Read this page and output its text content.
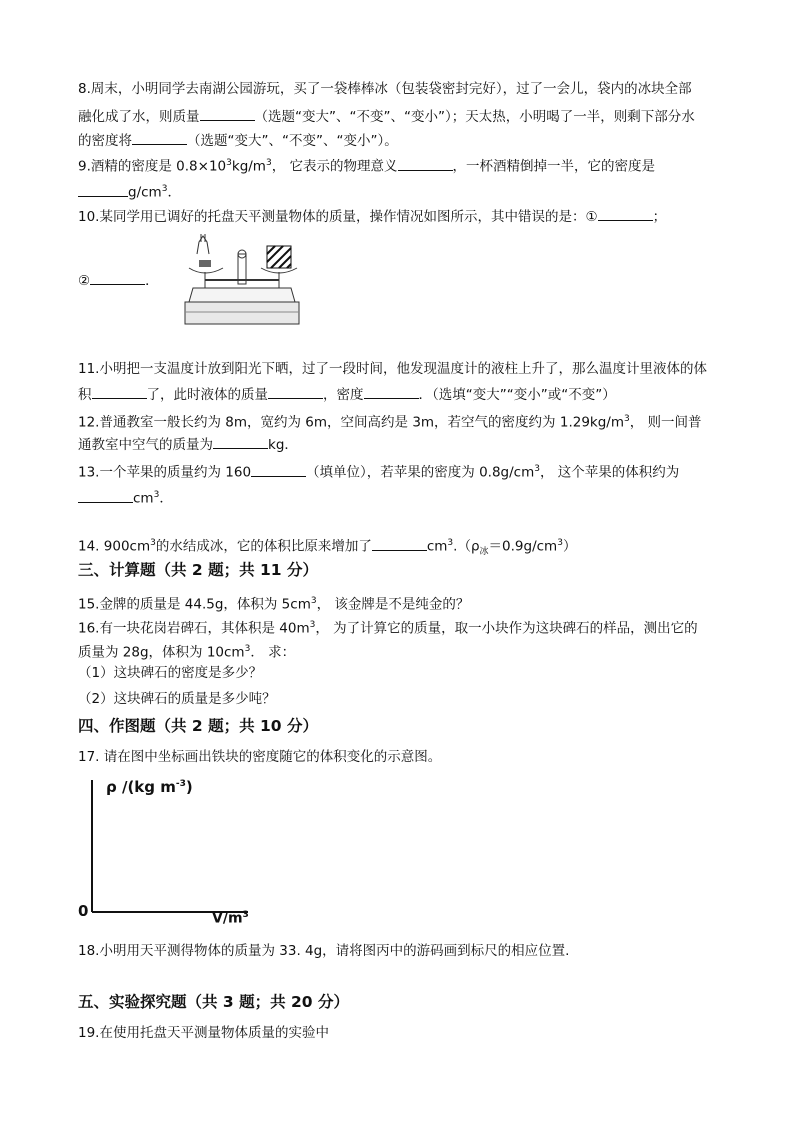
8.周末，小明同学去南湖公园游玩，买了一袋棒棒冰（包装袋密封完好），过了一会儿，袋内的冰块全部
融化成了水，则质量	（选题“变大”、“不变”、“变小”）；天太热，小明喝了一半，则剩下部分水
的密度将	（选题“变大”、“不变”、“变小”）。
9.酒精的密度是 $0.8\times 10^3kg/m^3$， 它表示的物理意义	，一杯酒精倒掉一半，它的密度是
$g/cm^3$．
10.某同学用已调好的托盘天平测量物体的质量，操作情况如图所示，其中错误的是：①	；
②	．
11.小明把一支温度计放到阳光下晒，过了一段时间，他发现温度计的液柱上升了，那么温度计里液体的体
积	了，此时液体的质量	，密度	．（选填“变大”“变小”或“不变”）
12.普通教室一般长约为 8m，宽约为 6m，空间高约是 3m，若空气的密度约为 $1.29kg/m^3$， 则一间普
通教室中空气的质量为	kg．
13.一个苹果的质量约为 160	（填单位），若苹果的密度为 $0.8g/cm^3$， 这个苹果的体积约为
$cm^3$．
14. $900cm^3$的水结成冰，它的体积比原来增加了	$cm^3.(\rho_冰=0.9g/cm^3)$
三、计算题（共 2 题；共 11 分）
15.金牌的质量是 44.5g，体积为 $5cm^3$， 该金牌是不是纯金的？
16.有一块花岗岩碑石，其体积是 $40m^3$， 为了计算它的质量，取一小块作为这块碑石的样品，测出它的
质量为 28g，体积为 $10cm^3$． 求：
（1）这块碑石的密度是多少？
（2）这块碑石的质量是多少吨？
四、作图题（共 2 题；共 10 分）
17. 请在图中坐标画出铁块的密度随它的体积变化的示意图。
ρ /(kg $m^{-3}$)
0	$V/m^3$
18.小明用天平测得物体的质量为 33. 4g，请将图丙中的游码画到标尺的相应位置.
五、实验探究题（共 3 题；共 20 分）
19.在使用托盘天平测量物体质量的实验中
